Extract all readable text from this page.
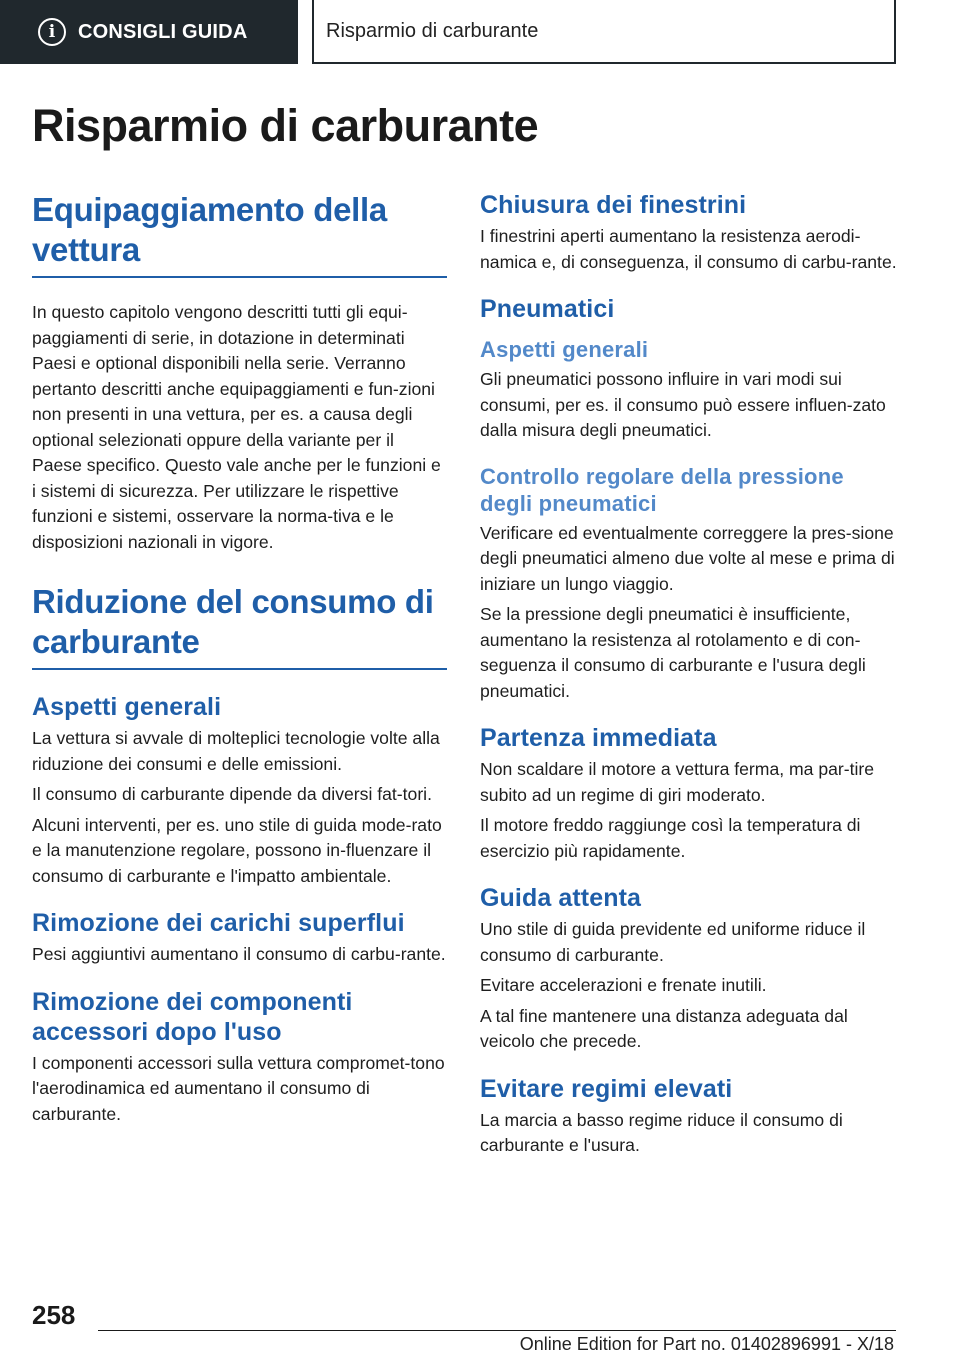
i	CONSIGLI GUIDA	Risparmio di carburante
Risparmio di carburante
Equipaggiamento della vettura

In questo capitolo vengono descritti tutti gli equi-paggiamenti di serie, in dotazione in determinati Paesi e optional disponibili nella serie. Verranno pertanto descritti anche equipaggiamenti e fun-zioni non presenti in una vettura, per es. a causa degli optional selezionati oppure della variante per il Paese specifico. Questo vale anche per le funzioni e i sistemi di sicurezza. Per utilizzare le rispettive funzioni e sistemi, osservare la norma-tiva e le disposizioni nazionali in vigore.

Riduzione del consumo di carburante
Aspetti generali

La vettura si avvale di molteplici tecnologie volte alla riduzione dei consumi e delle emissioni.

Il consumo di carburante dipende da diversi fat-tori.

Alcuni interventi, per es. uno stile di guida mode-rato e la manutenzione regolare, possono in-fluenzare il consumo di carburante e l'impatto ambientale.

Rimozione dei carichi superflui

Pesi aggiuntivi aumentano il consumo di carbu-rante.

Rimozione dei componenti accessori dopo l'uso

I componenti accessori sulla vettura compromet-tono l'aerodinamica ed aumentano il consumo di carburante.

Chiusura dei finestrini

I finestrini aperti aumentano la resistenza aerodi-namica e, di conseguenza, il consumo di carbu-rante.

Pneumatici
Aspetti generali

Gli pneumatici possono influire in vari modi sui consumi, per es. il consumo può essere influen-zato dalla misura degli pneumatici.

Controllo regolare della pressione degli pneumatici

Verificare ed eventualmente correggere la pres-sione degli pneumatici almeno due volte al mese e prima di iniziare un lungo viaggio.

Se la pressione degli pneumatici è insufficiente, aumentano la resistenza al rotolamento e di con-seguenza il consumo di carburante e l'usura degli pneumatici.

Partenza immediata

Non scaldare il motore a vettura ferma, ma par-tire subito ad un regime di giri moderato.

Il motore freddo raggiunge così la temperatura di esercizio più rapidamente.

Guida attenta

Uno stile di guida previdente ed uniforme riduce il consumo di carburante.

Evitare accelerazioni e frenate inutili.

A tal fine mantenere una distanza adeguata dal veicolo che precede.

Evitare regimi elevati

La marcia a basso regime riduce il consumo di carburante e l'usura.

258
Online Edition for Part no. 01402896991 - X/18
